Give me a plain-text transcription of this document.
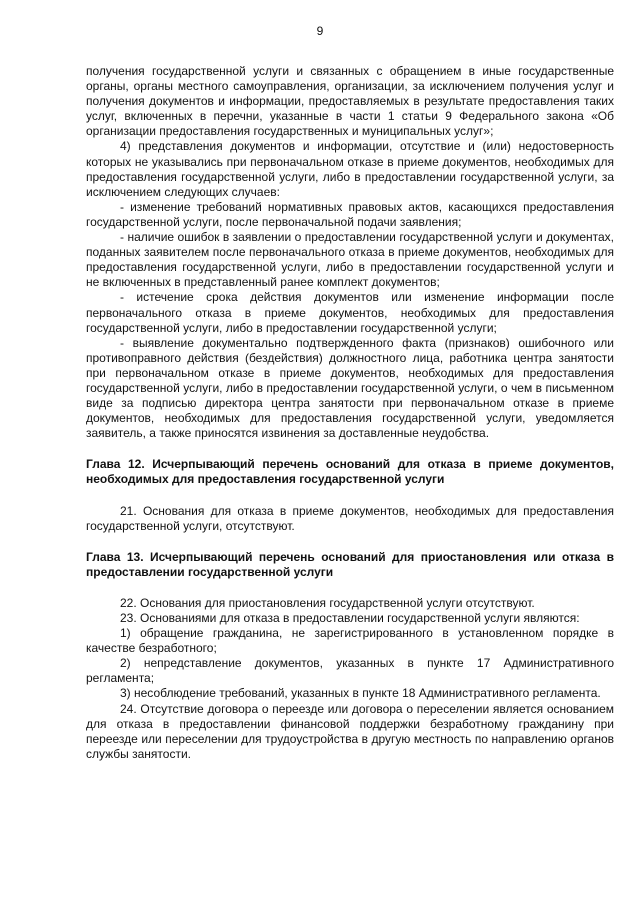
9

получения государственной услуги и связанных с обращением в иные государственные органы, органы местного самоуправления, организации, за исключением получения услуг и получения документов и информации, предоставляемых в результате предоставления таких услуг, включенных в перечни, указанные в части 1 статьи 9 Федерального закона «Об организации предоставления государственных и муниципальных услуг»;

4) представления документов и информации, отсутствие и (или) недостоверность которых не указывались при первоначальном отказе в приеме документов, необходимых для предоставления государственной услуги, либо в предоставлении государственной услуги, за исключением следующих случаев:

- изменение требований нормативных правовых актов, касающихся предоставления государственной услуги, после первоначальной подачи заявления;

- наличие ошибок в заявлении о предоставлении государственной услуги и документах, поданных заявителем после первоначального отказа в приеме документов, необходимых для предоставления государственной услуги, либо в предоставлении государственной услуги и не включенных в представленный ранее комплект документов;

- истечение срока действия документов или изменение информации после первоначального отказа в приеме документов, необходимых для предоставления государственной услуги, либо в предоставлении государственной услуги;

- выявление документально подтвержденного факта (признаков) ошибочного или противоправного действия (бездействия) должностного лица, работника центра занятости при первоначальном отказе в приеме документов, необходимых для предоставления государственной услуги, либо в предоставлении государственной услуги, о чем в письменном виде за подписью директора центра занятости при первоначальном отказе в приеме документов, необходимых для предоставления государственной услуги, уведомляется заявитель, а также приносятся извинения за доставленные неудобства.

Глава 12. Исчерпывающий перечень оснований для отказа в приеме документов, необходимых для предоставления государственной услуги

21. Основания для отказа в приеме документов, необходимых для предоставления государственной услуги, отсутствуют.

Глава 13. Исчерпывающий перечень оснований для приостановления или отказа в предоставлении государственной услуги

22. Основания для приостановления государственной услуги отсутствуют.

23. Основаниями для отказа в предоставлении государственной услуги являются:

1) обращение гражданина, не зарегистрированного в установленном порядке в качестве безработного;

2) непредставление документов, указанных в пункте 17 Административного регламента;

3) несоблюдение требований, указанных в пункте 18 Административного регламента.

24. Отсутствие договора о переезде или договора о переселении является основанием для отказа в предоставлении финансовой поддержки безработному гражданину при переезде или переселении для трудоустройства в другую местность по направлению органов службы занятости.
